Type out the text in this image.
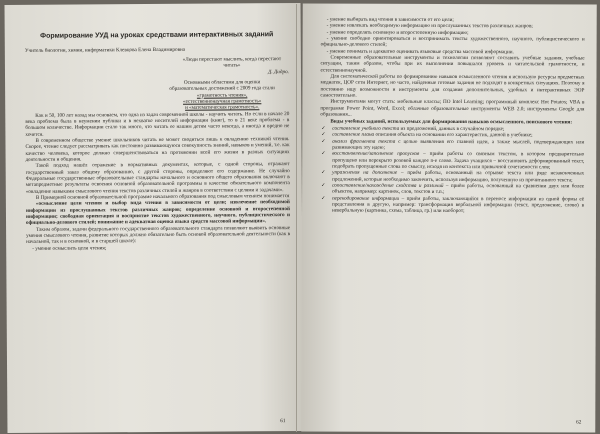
Формирование УУД на уроках средствами интерактивных заданий
Учитель биологии, химии, информатики Клевцова Елена Владимировна
«Люди перестают мыслить, когда перестают читать»
Д. Дидро.
Основными областями для оценки
образовательных достижений с 2009 года стали
«грамотность чтения»,
«естественнонаучная грамотность»
и «математическая грамотность».

Как и 50, 100 лет назад мы основаем, что одна из задач современной школы - научить читать. Но если в начале 20 века проблема была в неумении публики и в нехватке носителей информации (книг), то в 21 веке проблема - в большом количестве. Информации стало так много, что читать ее нашим детям часто некогда, а иногда и вредно не хочется.

В современном обществе умение школьников читать не может сводиться лишь к овладению техникой чтения. Скорее, чтение следует рассматривать как постоянно развивающуюся совокупность знаний, навыков и умений, т.е. как качество человека, которое должно совершенствоваться на протяжении всей его жизни в разных ситуациях деятельности и общения.

Такой подход нашёл отражение в нормативных документах, которые, с одной стороны, отражают государственный заказ общему образованию, с другой стороны, определяют его содержание. Не случайно Федеральные государственные образовательные стандарты начального и основного общего образования включают в метапредметные результаты освоения основной образовательной программы в качестве обязательного компонента «овладение навыками смыслового чтения текстов различных стилей и жанров в соответствии с целями и задачами».

В Примерной основной образовательной программе начального образования под смысловым чтением понимается

«осмысление цели чтения и выбор вида чтения в зависимости от цели; извлечение необходимой информации из прослушанных текстов различных жанров; определение основной и второстепенной информации; свободная ориентация и восприятие текстов художественного, научного, публицистического и официально-делового стилей; понимание и адекватная оценка языка средств массовой информации».

Таким образом, задачи федерального государственного образовательного стандарта позволяют выявить основные умения смыслового чтения, развитие которых должно обязательно быть основой образовательной деятельности (как в начальной, так и в основной, и в старшей школе):

- умение осмыслить цели чтения;
61
- умение выбирать вид чтения в зависимости от его цели;
- умение извлекать необходимую информацию из прослушанных текстов различных жанров;
- умение определять основную и второстепенную информацию;
- умение свободно ориентироваться и воспринимать тексты художественного, научного, публицистического и официально-делового стилей;
- умение понимать и адекватно оценивать языковые средства массовой информации.

Современные образовательные инструменты и технологии позволяют составить учебные задания, учебные ситуации, таким образом, чтобы при их выполнении повышался уровень и читательской грамотности, и естественнонаучной.

Для систематической работы по формированию навыков осмысленного чтения я использую ресурсы предметных медиатек, ЦОР сети Интернет, но часто, найденные готовые задания не подходят в конкретных ситуациях. Поэтому я постоянно ищу возможности и инструменты для создания дополнительных, удобных и интерактивных ЭОР самостоятельно.

Инструментами могут стать: мобильные классы; ПО Intel Learning; программный комплекс Hot Potatos; VBA в программе Power Point, Word, Excel; облачные образовательные инструменты WEB 2.0; инструменты Google для образования...

Виды учебных заданий, используемых для формирования навыков осмысленного, поискового чтения:
✓ составление учебного текста из предложений, данных в случайном порядке;
✓ составление плана описания объекта на основании его характеристик, данной в учебнике;
✓ анализ фрагмента текста с целью выявления его главной идеи, а также мыслей, подтверждающих или развивающих эту идею;
✓ восстановление/заполнение пропусков – приём работы со связным текстом, в котором предварительно пропущено или перекрыто розовой каждое n-е слово. Задача учащихся – восстановить деформированный текст, подобрать пропущенные слова по смыслу, исходя из контекста или привычной сочетаемости слов;
✓ упражнения на дополнение – приём работы, основанный на отрывке текста или ряде незаконченных предложений, которые необходимо закончить, используя информацию, полученную из прочитанного текста;
✓ сопоставление/нахождение сходства и различий – приём работы, основанный на сравнении двух или более объектов, например: картинок, слов, текстов и т.п.;
✓ перекодирование информации – приём работы, заключающийся в переносе информации из одной формы её представления в другую, например: трансформация вербальной информации (текст, предложение, слово) в невербальную (картинка, схема, таблица, гр.) или наоборот;
62
